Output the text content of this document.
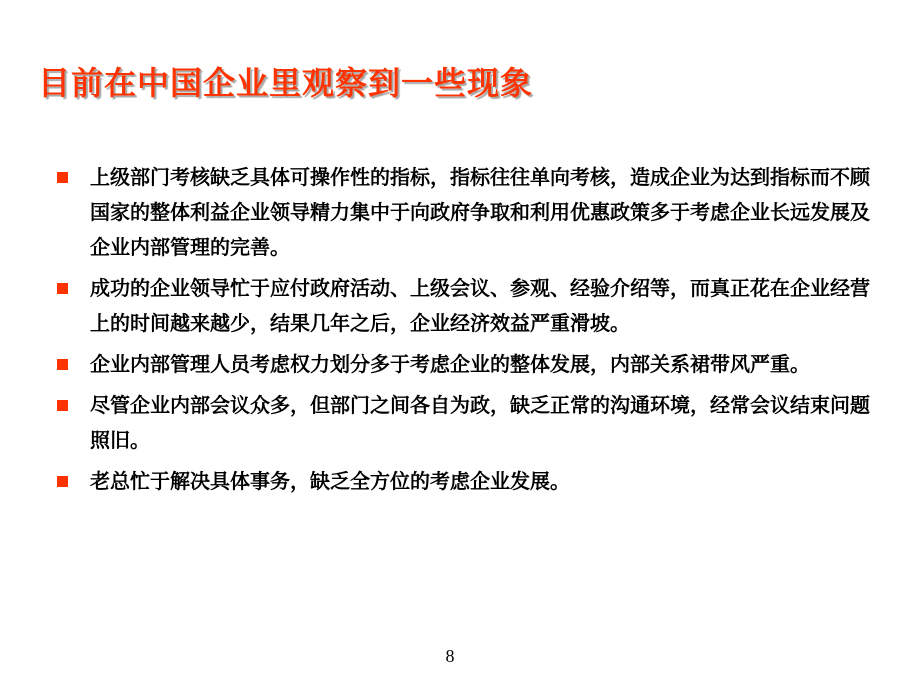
目前在中国企业里观察到一些现象
上级部门考核缺乏具体可操作性的指标，指标往往单向考核，造成企业为达到指标而不顾国家的整体利益企业领导精力集中于向政府争取和利用优惠政策多于考虑企业长远发展及企业内部管理的完善。
成功的企业领导忙于应付政府活动、上级会议、参观、经验介绍等，而真正花在企业经营上的时间越来越少，结果几年之后，企业经济效益严重滑坡。
企业内部管理人员考虑权力划分多于考虑企业的整体发展，内部关系裙带风严重。
尽管企业内部会议众多，但部门之间各自为政，缺乏正常的沟通环境，经常会议结束问题照旧。
老总忙于解决具体事务，缺乏全方位的考虑企业发展。
8
